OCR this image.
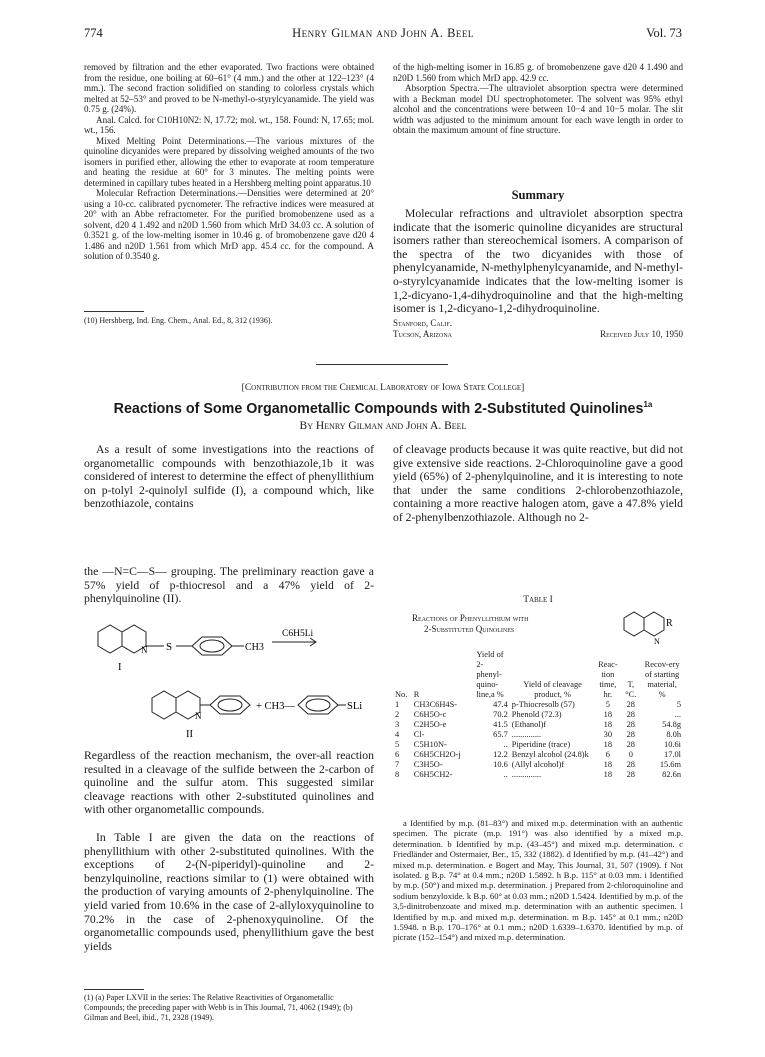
774	Henry Gilman and John A. Beel	Vol. 73

removed by filtration and the ether evaporated. Two fractions were obtained from the residue, one boiling at 60–61° (4 mm.) and the other at 122–123° (4 mm.). The second fraction solidified on standing to colorless crystals which melted at 52–53° and proved to be N-methyl-o-styrylcyanamide. The yield was 0.75 g. (24%).

Anal. Calcd. for C10H10N2: N, 17.72; mol. wt., 158. Found: N, 17.65; mol. wt., 156.

Mixed Melting Point Determinations.—The various mixtures of the quinoline dicyanides were prepared by dissolving weighed amounts of the two isomers in purified ether, allowing the ether to evaporate at room temperature and heating the residue at 60° for 3 minutes. The melting points were determined in capillary tubes heated in a Hershberg melting point apparatus.10

Molecular Refraction Determinations.—Densities were determined at 20° using a 10-cc. calibrated pycnometer. The refractive indices were measured at 20° with an Abbe refractometer. For the purified bromobenzene used as a solvent, d20 4 1.492 and n20D 1.560 from which MrD 34.03 cc. A solution of 0.3521 g. of the low-melting isomer in 10.46 g. of bromobenzene gave d20 4 1.486 and n20D 1.561 from which MrD app. 45.4 cc. for the compound. A solution of 0.3540 g.

(10) Hershberg, Ind. Eng. Chem., Anal. Ed., 8, 312 (1936).

of the high-melting isomer in 16.85 g. of bromobenzene gave d20 4 1.490 and n20D 1.560 from which MrD app. 42.9 cc.

Absorption Spectra.—The ultraviolet absorption spectra were determined with a Beckman model DU spectrophotometer. The solvent was 95% ethyl alcohol and the concentrations were between 10−4 and 10−5 molar. The slit width was adjusted to the minimum amount for each wave length in order to obtain the maximum amount of fine structure.

Summary
Molecular refractions and ultraviolet absorption spectra indicate that the isomeric quinoline dicyanides are structural isomers rather than stereochemical isomers. A comparison of the spectra of the two dicyanides with those of phenylcyanamide, N-methylphenylcyanamide, and N-methyl-o-styrylcyanamide indicates that the low-melting isomer is 1,2-dicyano-1,4-dihydroquinoline and that the high-melting isomer is 1,2-dicyano-1,2-dihydroquinoline.
Stanford, Calif.
Tucson, Arizona	Received July 10, 1950
[Contribution from the Chemical Laboratory of Iowa State College]
Reactions of Some Organometallic Compounds with 2-Substituted Quinolines$^{1a}$
By Henry Gilman and John A. Beel
As a result of some investigations into the reactions of organometallic compounds with benzothiazole,1b it was considered of interest to determine the effect of phenyllithium on p-tolyl 2-quinolyl sulfide (I), a compound which, like benzothiazole, contains
the —N=C—S— grouping. The preliminary reaction gave a 57% yield of p-thiocresol and a 47% yield of 2-phenylquinoline (II).
N S	CH3
C6H5Li
I
N
+ CH3—	SLi
II
Regardless of the reaction mechanism, the over-all reaction resulted in a cleavage of the sulfide between the 2-carbon of quinoline and the sulfur atom. This suggested similar cleavage reactions with other 2-substituted quinolines and with other organometallic compounds.
In Table I are given the data on the reactions of phenyllithium with other 2-substituted quinolines. With the exceptions of 2-(N-piperidyl)-quinoline and 2-benzylquinoline, reactions similar to (1) were obtained with the production of varying amounts of 2-phenylquinoline. The yield varied from 10.6% in the case of 2-allyloxyquinoline to 70.2% in the case of 2-phenoxyquinoline. Of the organometallic compounds used, phenyllithium gave the best yields
(1) (a) Paper LXVII in the series: The Relative Reactivities of Organometallic Compounds; the preceding paper with Webb is in This Journal, 71, 4062 (1949); (b) Gilman and Beel, ibid., 71, 2328 (1949).
of cleavage products because it was quite reactive, but did not give extensive side reactions. 2-Chloroquinoline gave a good yield (65%) of 2-phenylquinoline, and it is interesting to note that under the same conditions 2-chlorobenzothiazole, containing a more reactive halogen atom, gave a 47.8% yield of 2-phenylbenzothiazole. Although no 2-
Table I
Reactions of Phenyllithium with
2-Substituted Quinolines	R
N
No.	R	Yield of 2-phenyl-quino-line,a %	Yield of cleavage product, %	Reac-tion time, hr.	T, °C.	Recov-ery of starting material, %
1	CH3C6H4S-	47.4	p-Thiocresolb (57)	5	28	5
2	C6H5O-c	70.2	Phenold (72.3)	18	28	...
3	C2H5O-e	41.5	(Ethanol)f	18	28	54.8g
4	Cl-	65.7	..............	30	28	8.0h
5	C5H10N-	..	Piperidine (trace)	18	28	10.6i
6	C6H5CH2O-j	12.2	Benzyl alcohol (24.8)k	6	0	17.0l
7	C3H5O-	10.6	(Allyl alcohol)f	18	28	15.6m
8	C6H5CH2-	..	..............	18	28	82.6n
a Identified by m.p. (81–83°) and mixed m.p. determination with an authentic specimen. The picrate (m.p. 191°) was also identified by a mixed m.p. determination. b Identified by m.p. (43–45°) and mixed m.p. determination. c Friedländer and Ostermaier, Ber., 15, 332 (1882). d Identified by m.p. (41–42°) and mixed m.p. determination. e Bogert and May, This Journal, 31, 507 (1909). f Not isolated. g B.p. 74° at 0.4 mm.; n20D 1.5892. h B.p. 115° at 0.03 mm. i Identified by m.p. (50°) and mixed m.p. determination. j Prepared from 2-chloroquinoline and sodium benzyloxide. k B.p. 60° at 0.03 mm.; n20D 1.5424. Identified by m.p. of the 3,5-dinitrobenzoate and mixed m.p. determination with an authentic specimen. l Identified by m.p. and mixed m.p. determination. m B.p. 145° at 0.1 mm.; n20D 1.5948. n B.p. 170–176° at 0.1 mm.; n20D 1.6339–1.6370. Identified by m.p. of picrate (152–154°) and mixed m.p. determination.
